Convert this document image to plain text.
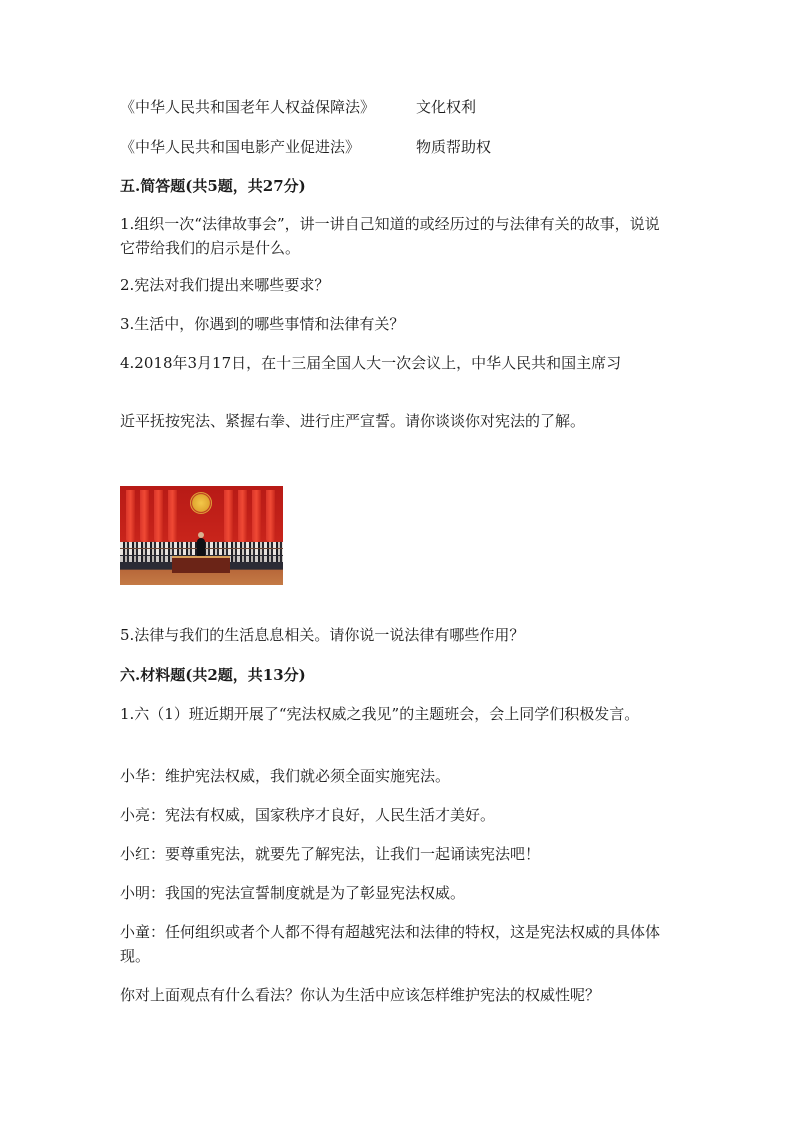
《中华人民共和国老年人权益保障法》	文化权利
《中华人民共和国电影产业促进法》	物质帮助权
五.简答题(共5题，共27分)
1.组织一次“法律故事会”，讲一讲自己知道的或经历过的与法律有关的故事，说说它带给我们的启示是什么。
2.宪法对我们提出来哪些要求？
3.生活中，你遇到的哪些事情和法律有关？
4.2018年3月17日，在十三届全国人大一次会议上，中华人民共和国主席习
近平抚按宪法、紧握右拳、进行庄严宣誓。请你谈谈你对宪法的了解。
5.法律与我们的生活息息相关。请你说一说法律有哪些作用？
六.材料题(共2题，共13分)
1.六（1）班近期开展了“宪法权威之我见”的主题班会，会上同学们积极发言。
小华：维护宪法权威，我们就必须全面实施宪法。
小亮：宪法有权威，国家秩序才良好，人民生活才美好。
小红：要尊重宪法，就要先了解宪法，让我们一起诵读宪法吧！
小明：我国的宪法宣誓制度就是为了彰显宪法权威。
小童：任何组织或者个人都不得有超越宪法和法律的特权，这是宪法权威的具体体现。
你对上面观点有什么看法？你认为生活中应该怎样维护宪法的权威性呢？
